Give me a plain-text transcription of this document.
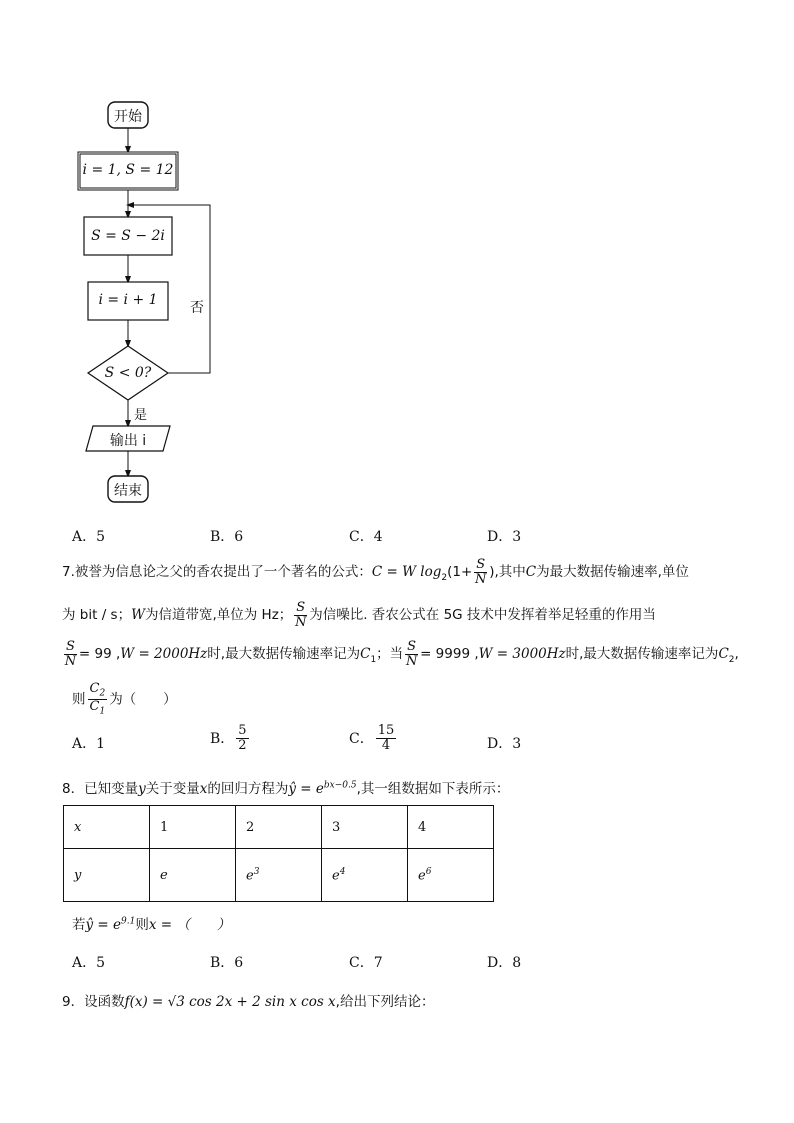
开始
i = 1, S = 12
S = S − 2i
i = i + 1
S < 0?
否
是
输出 i
结束
A．5	B．6	C．4	D．3
7.被誉为信息论之父的香农提出了一个著名的公式：C = W $\log_2(1+ \frac{S}{N}$ ),其中C为最大数据传输速率,单位
为 bit / s；W为信道带宽,单位为 Hz； $\frac{S}{N}$ 为信噪比. 香农公式在 5G 技术中发挥着举足轻重的作用当
$\frac{S}{N} = 99$ ,W = 2000Hz时,最大数据传输速率记为$C_1$；当 $\frac{S}{N} = 9999$ ,W = 3000Hz时,最大数据传输速率记为$C_2$,
则 $\frac{C_2}{C_1}$ 为（　　）
A．1	B． $\frac{5}{2}$	C． $\frac{15}{4}$	D．3
8．已知变量y关于变量x的回归方程为ŷ = $e^{bx-0.5}$,其一组数据如下表所示：
x	1	2	3	4
y	e	$e^3$	$e^4$	$e^6$
若ŷ = $e^{9.1}$则x = （　　）
A．5	B．6	C．7	D．8
9．设函数f(x) = √3 cos 2x + 2 sin x cos x,给出下列结论：
